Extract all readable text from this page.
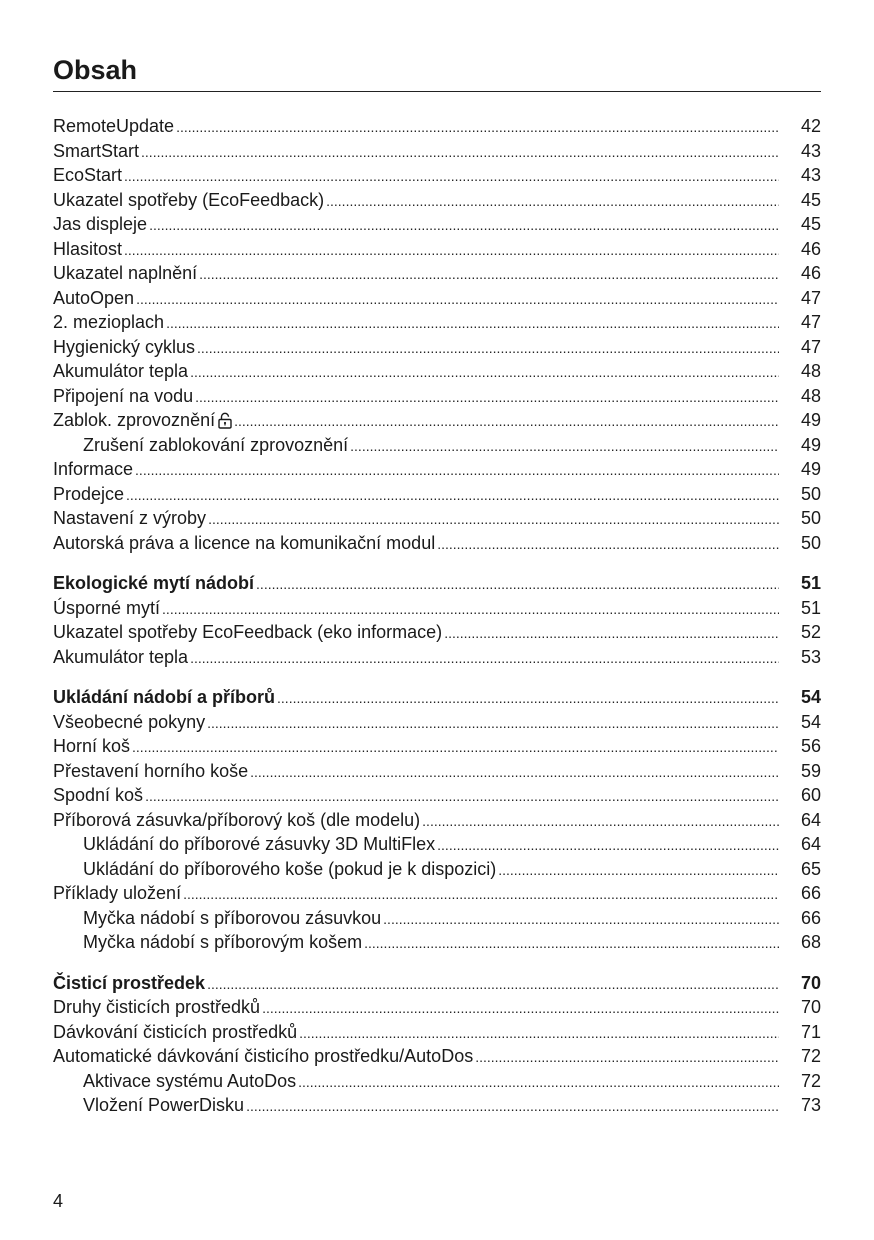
Obsah
RemoteUpdate .....	42
SmartStart .....	43
EcoStart .....	43
Ukazatel spotřeby (EcoFeedback) .....	45
Jas displeje .....	45
Hlasitost .....	46
Ukazatel naplnění .....	46
AutoOpen .....	47
2. mezioplach .....	47
Hygienický cyklus .....	47
Akumulátor tepla .....	48
Připojení na vodu .....	48
Zablok. zprovoznění .....	49
Zrušení zablokování zprovoznění .....	49
Informace .....	49
Prodejce .....	50
Nastavení z výroby .....	50
Autorská práva a licence na komunikační modul .....	50
Ekologické mytí nádobí .....	51
Úsporné mytí .....	51
Ukazatel spotřeby EcoFeedback (eko informace) .....	52
Akumulátor tepla .....	53
Ukládání nádobí a příborů .....	54
Všeobecné pokyny .....	54
Horní koš .....	56
Přestavení horního koše .....	59
Spodní koš .....	60
Příborová zásuvka/příborový koš (dle modelu) .....	64
Ukládání do příborové zásuvky 3D MultiFlex .....	64
Ukládání do příborového koše (pokud je k dispozici) .....	65
Příklady uložení .....	66
Myčka nádobí s příborovou zásuvkou .....	66
Myčka nádobí s příborovým košem .....	68
Čisticí prostředek .....	70
Druhy čisticích prostředků .....	70
Dávkování čisticích prostředků .....	71
Automatické dávkování čisticího prostředku/AutoDos .....	72
Aktivace systému AutoDos .....	72
Vložení PowerDisku .....	73
4
